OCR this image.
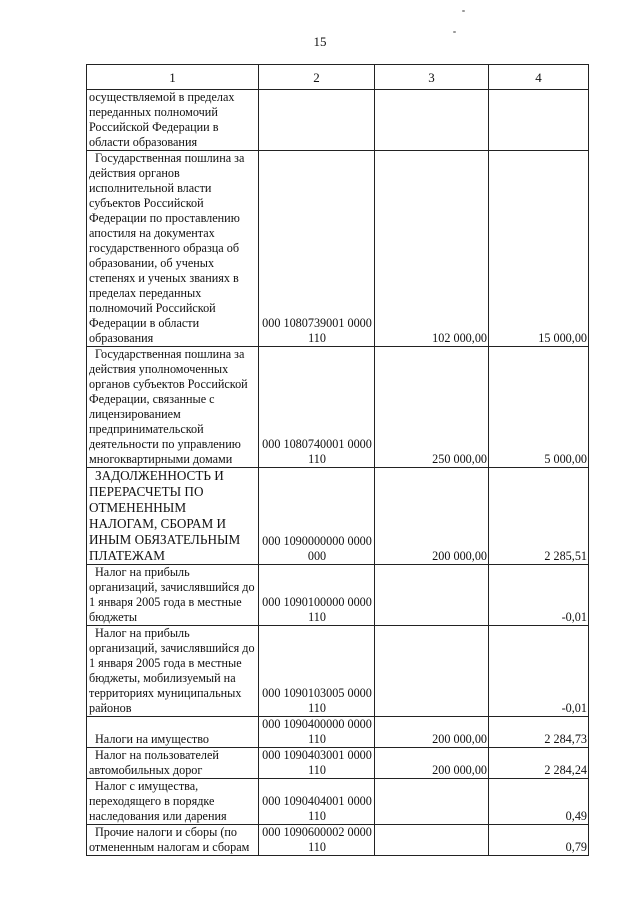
15
1	2	3	4
осуществляемой в пределах переданных полномочий Российской Федерации в области образования			
Государственная пошлина за действия органов исполнительной власти субъектов Российской Федерации по проставлению апостиля на документах государственного образца об образовании, об ученых степенях и ученых званиях в пределах переданных полномочий Российской Федерации в области образования	000 1080739001 0000 110	102 000,00	15 000,00
Государственная пошлина за действия уполномоченных органов субъектов Российской Федерации, связанные с лицензированием предпринимательской деятельности по управлению многоквартирными домами	000 1080740001 0000 110	250 000,00	5 000,00
ЗАДОЛЖЕННОСТЬ И ПЕРЕРАСЧЕТЫ ПО ОТМЕНЕННЫМ НАЛОГАМ, СБОРАМ И ИНЫМ ОБЯЗАТЕЛЬНЫМ ПЛАТЕЖАМ	000 1090000000 0000 000	200 000,00	2 285,51
Налог на прибыль организаций, зачислявшийся до 1 января 2005 года в местные бюджеты	000 1090100000 0000 110		-0,01
Налог на прибыль организаций, зачислявшийся до 1 января 2005 года в местные бюджеты, мобилизуемый на территориях муниципальных районов	000 1090103005 0000 110		-0,01
Налоги на имущество	000 1090400000 0000 110	200 000,00	2 284,73
Налог на пользователей автомобильных дорог	000 1090403001 0000 110	200 000,00	2 284,24
Налог с имущества, переходящего в порядке наследования или дарения	000 1090404001 0000 110		0,49
Прочие налоги и сборы (по отмененным налогам и сборам	000 1090600002 0000 110		0,79
